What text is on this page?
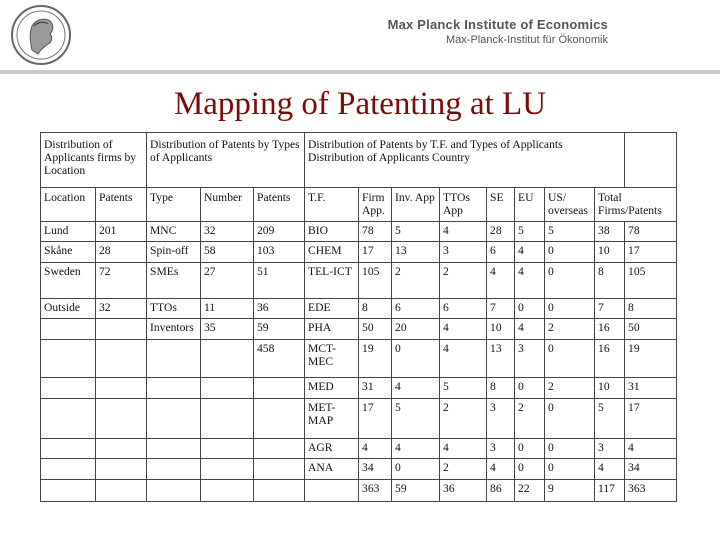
Max Planck Institute of Economics
Max-Planck-Institut für Ökonomik
Mapping of Patenting at LU
Distribution of Applicants firms by Location		Distribution of Patents by Types of Applicants			Distribution of Patents by T.F. and Types of Applicants Distribution of Applicants Country								
Location	Patents	Type	Number	Patents	T.F.	Firm App.	Inv. App	TTOs App	SE	EU	US/ overseas	Total Firms/Patents	
Lund	201	MNC	32	209	BIO	78	5	4	28	5	5	38	78
Skåne	28	Spin-off	58	103	CHEM	17	13	3	6	4	0	10	17
Sweden	72	SMEs	27	51	TEL-ICT	105	2	2	4	4	0	8	105
Outside	32	TTOs	11	36	EDE	8	6	6	7	0	0	7	8
		Inventors	35	59	PHA	50	20	4	10	4	2	16	50
				458	MCT-MEC	19	0	4	13	3	0	16	19
					MED	31	4	5	8	0	2	10	31
					MET-MAP	17	5	2	3	2	0	5	17
					AGR	4	4	4	3	0	0	3	4
					ANA	34	0	2	4	0	0	4	34
						363	59	36	86	22	9	117	363
